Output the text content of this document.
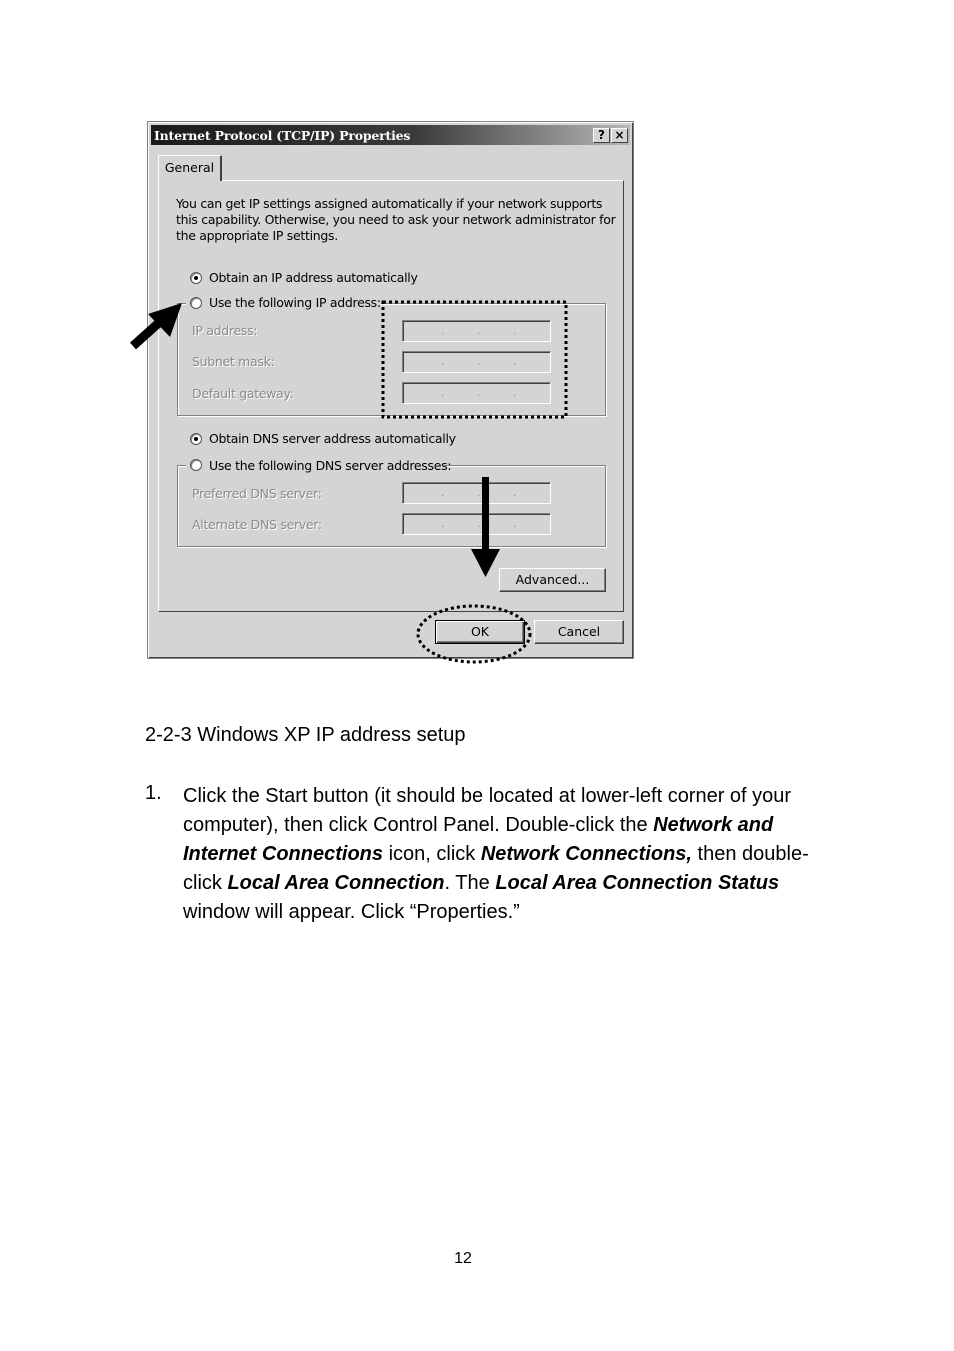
Internet Protocol (TCP/IP) Properties	? ×
General
You can get IP settings assigned automatically if your network supports
this capability. Otherwise, you need to ask your network administrator for
the appropriate IP settings.
Obtain an IP address automatically
Use the following IP address:
IP address:	.	.	.
Subnet mask:	.	.	.
Default gateway:	.	.	.
Obtain DNS server address automatically
Use the following DNS server addresses:
Preferred DNS server:	.	.	.
Alternate DNS server:	.	.	.
Advanced...
OK	Cancel
2-2-3 Windows XP IP address setup
1. Click the Start button (it should be located at lower-left corner of your computer), then click Control Panel. Double-click the Network and Internet Connections icon, click Network Connections, then double-click Local Area Connection. The Local Area Connection Status window will appear. Click “Properties.”
12
